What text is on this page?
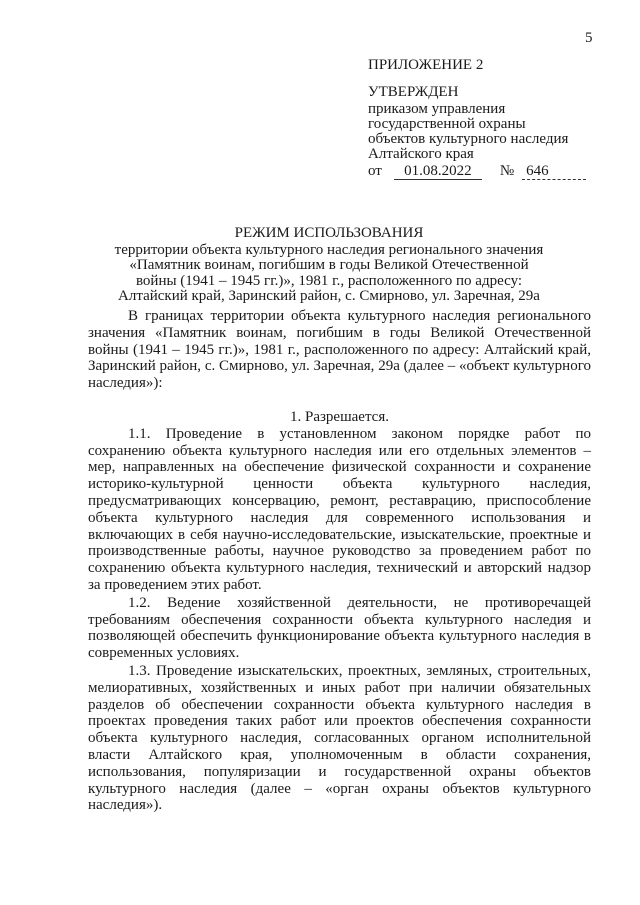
5
ПРИЛОЖЕНИЕ 2
УТВЕРЖДЕН
приказом управления
государственной охраны
объектов культурного наследия
Алтайского края
от	01.08.2022	№ 646
РЕЖИМ ИСПОЛЬЗОВАНИЯ
территории объекта культурного наследия регионального значения
«Памятник воинам, погибшим в годы Великой Отечественной
войны (1941 – 1945 гг.)», 1981 г., расположенного по адресу:
Алтайский край, Заринский район, с. Смирново, ул. Заречная, 29а

В границах территории объекта культурного наследия регионального значения «Памятник воинам, погибшим в годы Великой Отечественной войны (1941 – 1945 гг.)», 1981 г., расположенного по адресу: Алтайский край, Заринский район, с. Смирново, ул. Заречная, 29а (далее – «объект культурного наследия»):

1. Разрешается.

1.1. Проведение в установленном законом порядке работ по сохранению объекта культурного наследия или его отдельных элементов – мер, направленных на обеспечение физической сохранности и сохранение историко-культурной ценности объекта культурного наследия, предусматривающих консервацию, ремонт, реставрацию, приспособление объекта культурного наследия для современного использования и включающих в себя научно-исследовательские, изыскательские, проектные и производственные работы, научное руководство за проведением работ по сохранению объекта культурного наследия, технический и авторский надзор за проведением этих работ.

1.2. Ведение хозяйственной деятельности, не противоречащей требованиям обеспечения сохранности объекта культурного наследия и позволяющей обеспечить функционирование объекта культурного наследия в современных условиях.

1.3. Проведение изыскательских, проектных, земляных, строительных, мелиоративных, хозяйственных и иных работ при наличии обязательных разделов об обеспечении сохранности объекта культурного наследия в проектах проведения таких работ или проектов обеспечения сохранности объекта культурного наследия, согласованных органом исполнительной власти Алтайского края, уполномоченным в области сохранения, использования, популяризации и государственной охраны объектов культурного наследия (далее – «орган охраны объектов культурного наследия»).
